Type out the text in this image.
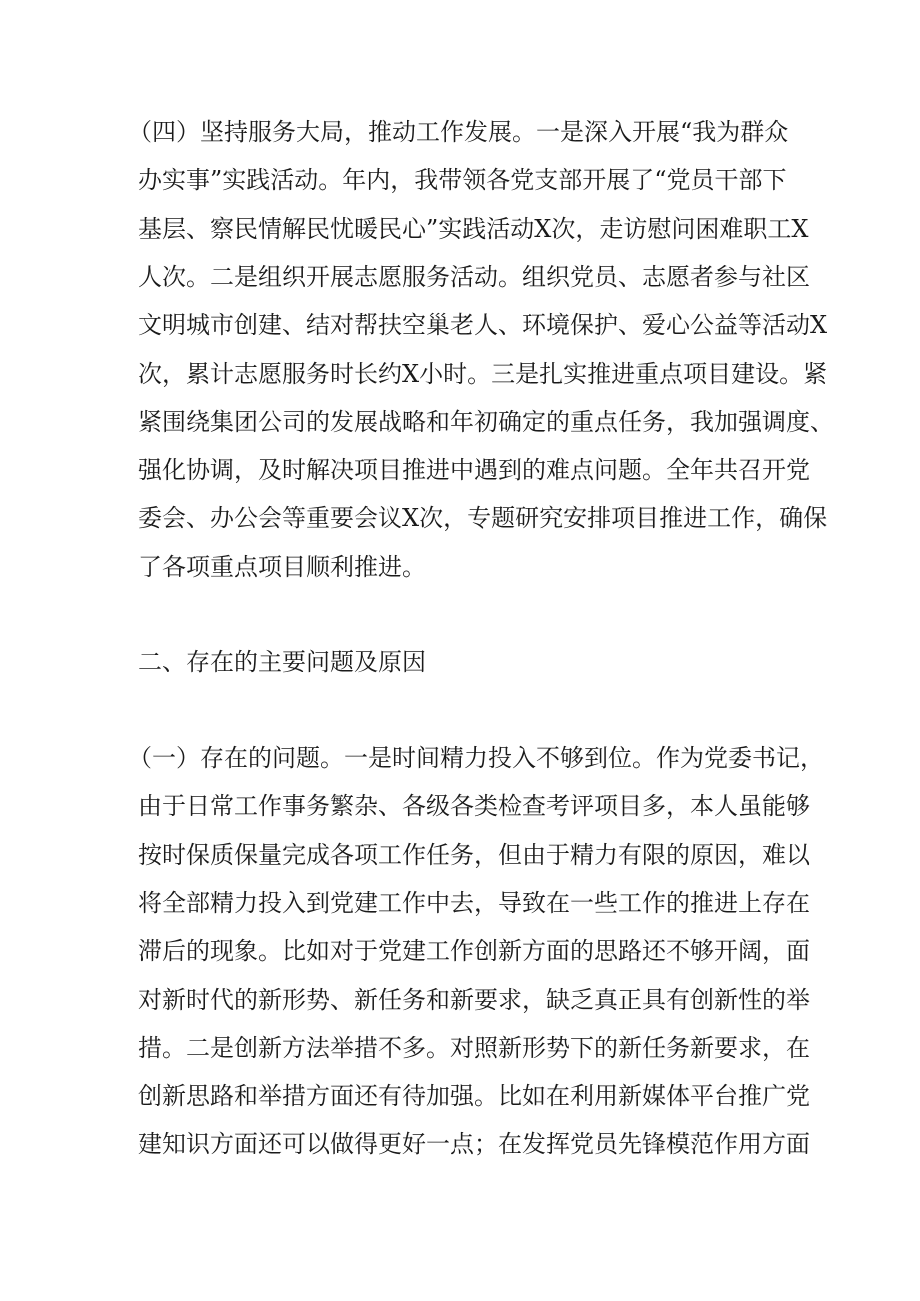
（四）坚持服务大局，推动工作发展。一是深入开展“我为群众

办实事”实践活动。年内，我带领各党支部开展了“党员干部下

基层、察民情解民忧暖民心”实践活动X次，走访慰问困难职工X

人次。二是组织开展志愿服务活动。组织党员、志愿者参与社区

文明城市创建、结对帮扶空巢老人、环境保护、爱心公益等活动X

次，累计志愿服务时长约X小时。三是扎实推进重点项目建设。紧

紧围绕集团公司的发展战略和年初确定的重点任务，我加强调度、

强化协调，及时解决项目推进中遇到的难点问题。全年共召开党

委会、办公会等重要会议X次，专题研究安排项目推进工作，确保

了各项重点项目顺利推进。

二、存在的主要问题及原因

（一）存在的问题。一是时间精力投入不够到位。作为党委书记，

由于日常工作事务繁杂、各级各类检查考评项目多，本人虽能够

按时保质保量完成各项工作任务，但由于精力有限的原因，难以

将全部精力投入到党建工作中去，导致在一些工作的推进上存在

滞后的现象。比如对于党建工作创新方面的思路还不够开阔，面

对新时代的新形势、新任务和新要求，缺乏真正具有创新性的举

措。二是创新方法举措不多。对照新形势下的新任务新要求，在

创新思路和举措方面还有待加强。比如在利用新媒体平台推广党

建知识方面还可以做得更好一点；在发挥党员先锋模范作用方面
